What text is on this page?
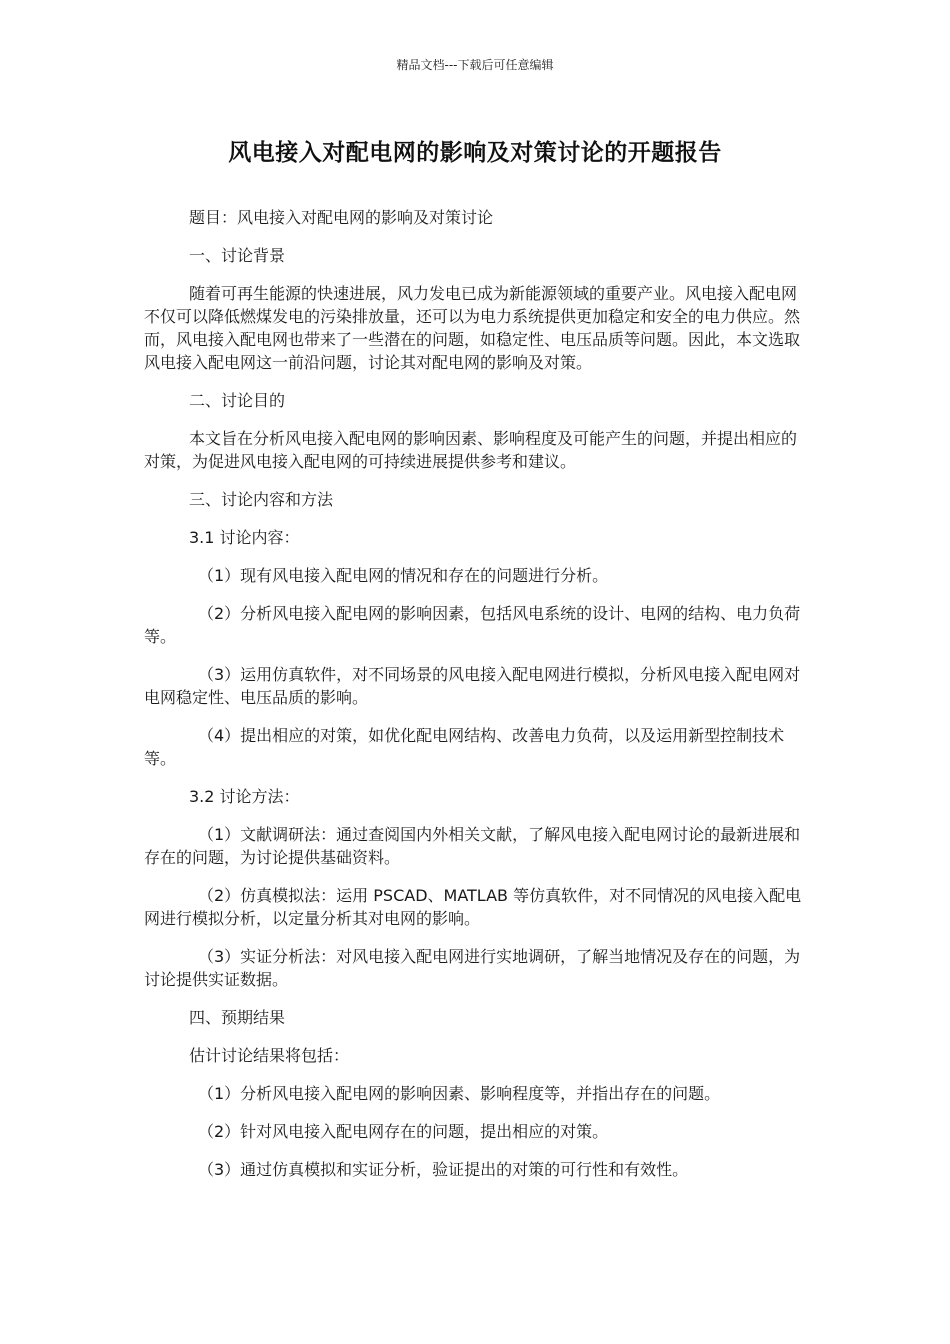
精品文档---下载后可任意编辑
风电接入对配电网的影响及对策讨论的开题报告

题目：风电接入对配电网的影响及对策讨论

一、讨论背景

随着可再生能源的快速进展，风力发电已成为新能源领域的重要产业。风电接入配电网不仅可以降低燃煤发电的污染排放量，还可以为电力系统提供更加稳定和安全的电力供应。然而，风电接入配电网也带来了一些潜在的问题，如稳定性、电压品质等问题。因此，本文选取风电接入配电网这一前沿问题，讨论其对配电网的影响及对策。

二、讨论目的

本文旨在分析风电接入配电网的影响因素、影响程度及可能产生的问题，并提出相应的对策，为促进风电接入配电网的可持续进展提供参考和建议。

三、讨论内容和方法

3.1 讨论内容：

（1）现有风电接入配电网的情况和存在的问题进行分析。

（2）分析风电接入配电网的影响因素，包括风电系统的设计、电网的结构、电力负荷等。

（3）运用仿真软件，对不同场景的风电接入配电网进行模拟，分析风电接入配电网对电网稳定性、电压品质的影响。

（4）提出相应的对策，如优化配电网结构、改善电力负荷，以及运用新型控制技术等。

3.2 讨论方法：

（1）文献调研法：通过查阅国内外相关文献，了解风电接入配电网讨论的最新进展和存在的问题，为讨论提供基础资料。

（2）仿真模拟法：运用 PSCAD、MATLAB 等仿真软件，对不同情况的风电接入配电网进行模拟分析，以定量分析其对电网的影响。

（3）实证分析法：对风电接入配电网进行实地调研，了解当地情况及存在的问题，为讨论提供实证数据。

四、预期结果

估计讨论结果将包括：

（1）分析风电接入配电网的影响因素、影响程度等，并指出存在的问题。

（2）针对风电接入配电网存在的问题，提出相应的对策。

（3）通过仿真模拟和实证分析，验证提出的对策的可行性和有效性。
